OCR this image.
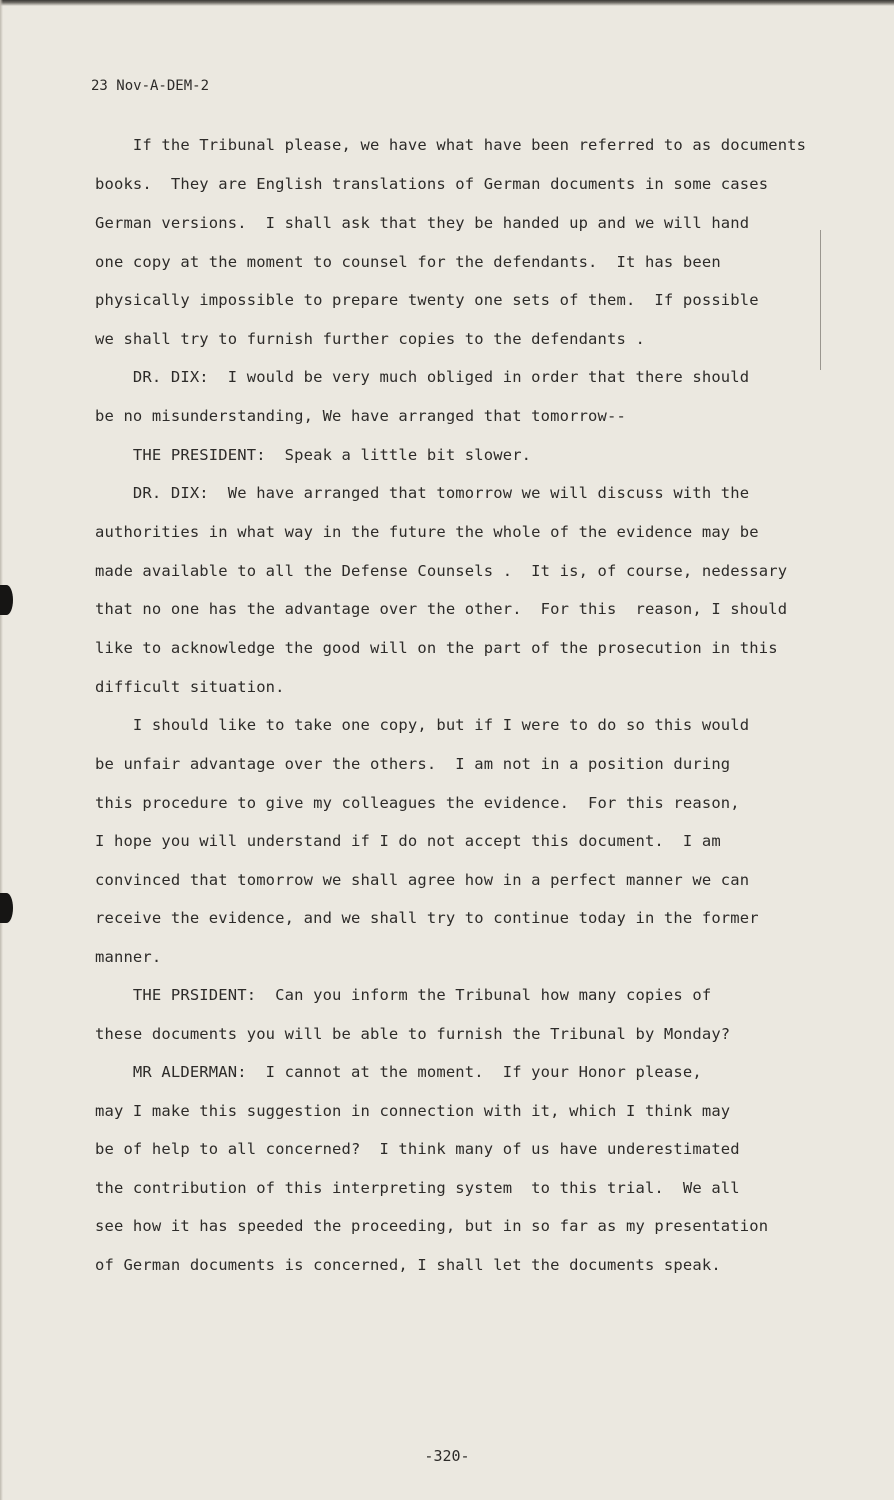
23 Nov-A-DEM-2
If the Tribunal please, we have what have been referred to as documents
books.  They are English translations of German documents in some cases
German versions.  I shall ask that they be handed up and we will hand
one copy at the moment to counsel for the defendants.  It has been
physically impossible to prepare twenty one sets of them.  If possible
we shall try to furnish further copies to the defendants .
DR. DIX:  I would be very much obliged in order that there should
be no misunderstanding, We have arranged that tomorrow--
THE PRESIDENT:  Speak a little bit slower.
DR. DIX:  We have arranged that tomorrow we will discuss with the
authorities in what way in the future the whole of the evidence may be
made available to all the Defense Counsels .  It is, of course, nedessary
that no one has the advantage over the other.  For this  reason, I should
like to acknowledge the good will on the part of the prosecution in this
difficult situation.
I should like to take one copy, but if I were to do so this would
be unfair advantage over the others.  I am not in a position during
this procedure to give my colleagues the evidence.  For this reason,
I hope you will understand if I do not accept this document.  I am
convinced that tomorrow we shall agree how in a perfect manner we can
receive the evidence, and we shall try to continue today in the former
manner.
THE PRSIDENT:  Can you inform the Tribunal how many copies of
these documents you will be able to furnish the Tribunal by Monday?
MR ALDERMAN:  I cannot at the moment.  If your Honor please,
may I make this suggestion in connection with it, which I think may
be of help to all concerned?  I think many of us have underestimated
the contribution of this interpreting system  to this trial.  We all
see how it has speeded the proceeding, but in so far as my presentation
of German documents is concerned, I shall let the documents speak.
-320-
